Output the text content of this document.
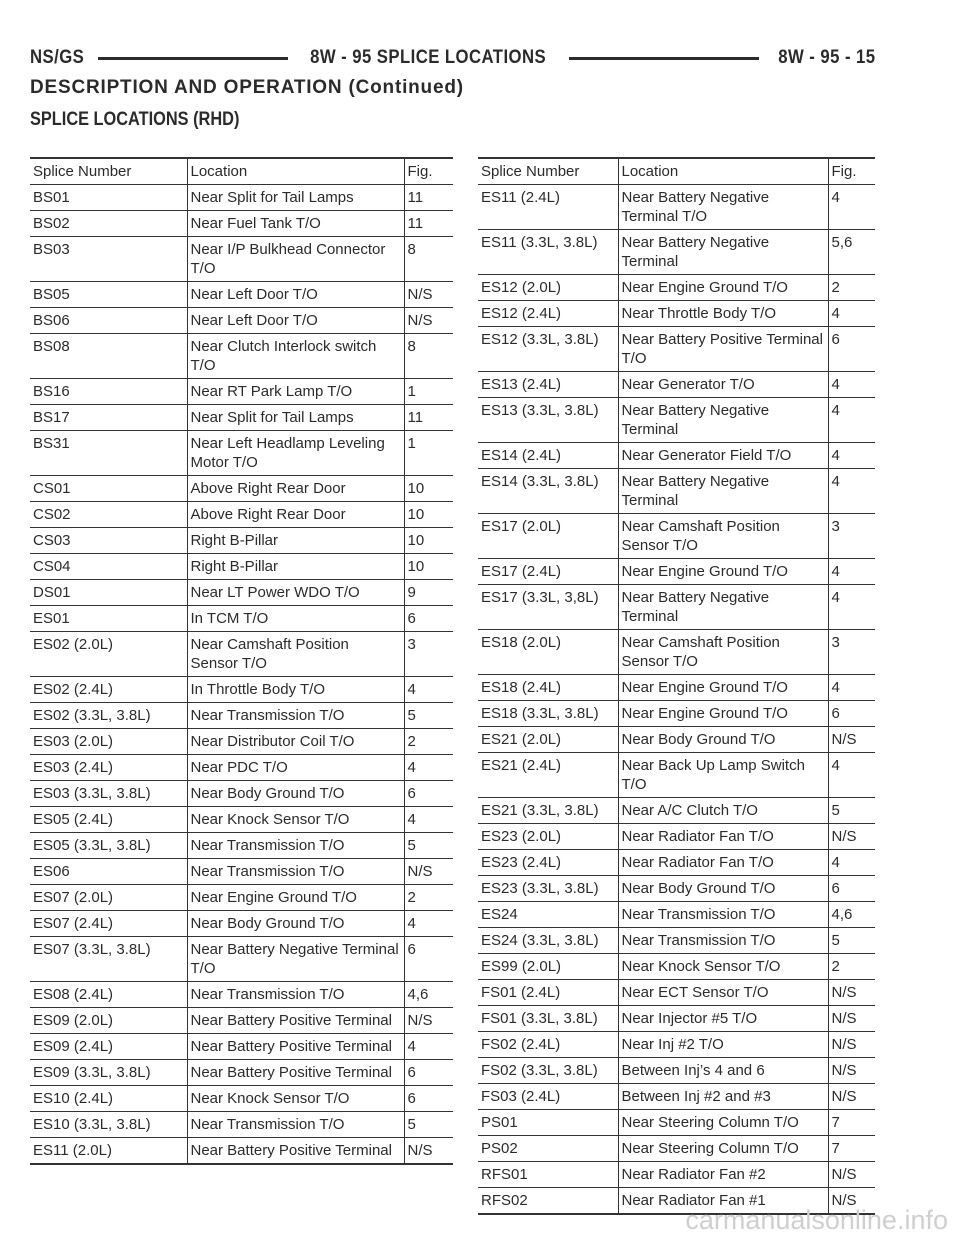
NS/GS	8W - 95 SPLICE LOCATIONS	8W - 95 - 15
DESCRIPTION AND OPERATION (Continued)
SPLICE LOCATIONS (RHD)
Splice Number	Location	Fig.
BS01	Near Split for Tail Lamps	11
BS02	Near Fuel Tank T/O	11
BS03	Near I/P Bulkhead Connector T/O	8
BS05	Near Left Door T/O	N/S
BS06	Near Left Door T/O	N/S
BS08	Near Clutch Interlock switch T/O	8
BS16	Near RT Park Lamp T/O	1
BS17	Near Split for Tail Lamps	11
BS31	Near Left Headlamp Leveling Motor T/O	1
CS01	Above Right Rear Door	10
CS02	Above Right Rear Door	10
CS03	Right B-Pillar	10
CS04	Right B-Pillar	10
DS01	Near LT Power WDO T/O	9
ES01	In TCM T/O	6
ES02 (2.0L)	Near Camshaft Position Sensor T/O	3
ES02 (2.4L)	In Throttle Body T/O	4
ES02 (3.3L, 3.8L)	Near Transmission T/O	5
ES03 (2.0L)	Near Distributor Coil T/O	2
ES03 (2.4L)	Near PDC T/O	4
ES03 (3.3L, 3.8L)	Near Body Ground T/O	6
ES05 (2.4L)	Near Knock Sensor T/O	4
ES05 (3.3L, 3.8L)	Near Transmission T/O	5
ES06	Near Transmission T/O	N/S
ES07 (2.0L)	Near Engine Ground T/O	2
ES07 (2.4L)	Near Body Ground T/O	4
ES07 (3.3L, 3.8L)	Near Battery Negative Terminal T/O	6
ES08 (2.4L)	Near Transmission T/O	4,6
ES09 (2.0L)	Near Battery Positive Terminal	N/S
ES09 (2.4L)	Near Battery Positive Terminal	4
ES09 (3.3L, 3.8L)	Near Battery Positive Terminal	6
ES10 (2.4L)	Near Knock Sensor T/O	6
ES10 (3.3L, 3.8L)	Near Transmission T/O	5
ES11 (2.0L)	Near Battery Positive Terminal	N/S
Splice Number	Location	Fig.
ES11 (2.4L)	Near Battery Negative Terminal T/O	4
ES11 (3.3L, 3.8L)	Near Battery Negative Terminal	5,6
ES12 (2.0L)	Near Engine Ground T/O	2
ES12 (2.4L)	Near Throttle Body T/O	4
ES12 (3.3L, 3.8L)	Near Battery Positive Terminal T/O	6
ES13 (2.4L)	Near Generator T/O	4
ES13 (3.3L, 3.8L)	Near Battery Negative Terminal	4
ES14 (2.4L)	Near Generator Field T/O	4
ES14 (3.3L, 3.8L)	Near Battery Negative Terminal	4
ES17 (2.0L)	Near Camshaft Position Sensor T/O	3
ES17 (2.4L)	Near Engine Ground T/O	4
ES17 (3.3L, 3,8L)	Near Battery Negative Terminal	4
ES18 (2.0L)	Near Camshaft Position Sensor T/O	3
ES18 (2.4L)	Near Engine Ground T/O	4
ES18 (3.3L, 3.8L)	Near Engine Ground T/O	6
ES21 (2.0L)	Near Body Ground T/O	N/S
ES21 (2.4L)	Near Back Up Lamp Switch T/O	4
ES21 (3.3L, 3.8L)	Near A/C Clutch T/O	5
ES23 (2.0L)	Near Radiator Fan T/O	N/S
ES23 (2.4L)	Near Radiator Fan T/O	4
ES23 (3.3L, 3.8L)	Near Body Ground T/O	6
ES24	Near Transmission T/O	4,6
ES24 (3.3L, 3.8L)	Near Transmission T/O	5
ES99 (2.0L)	Near Knock Sensor T/O	2
FS01 (2.4L)	Near ECT Sensor T/O	N/S
FS01 (3.3L, 3.8L)	Near Injector #5 T/O	N/S
FS02 (2.4L)	Near Inj #2 T/O	N/S
FS02 (3.3L, 3.8L)	Between Inj’s 4 and 6	N/S
FS03 (2.4L)	Between Inj #2 and #3	N/S
PS01	Near Steering Column T/O	7
PS02	Near Steering Column T/O	7
RFS01	Near Radiator Fan #2	N/S
RFS02	Near Radiator Fan #1	N/S
carmanualsonline.info
